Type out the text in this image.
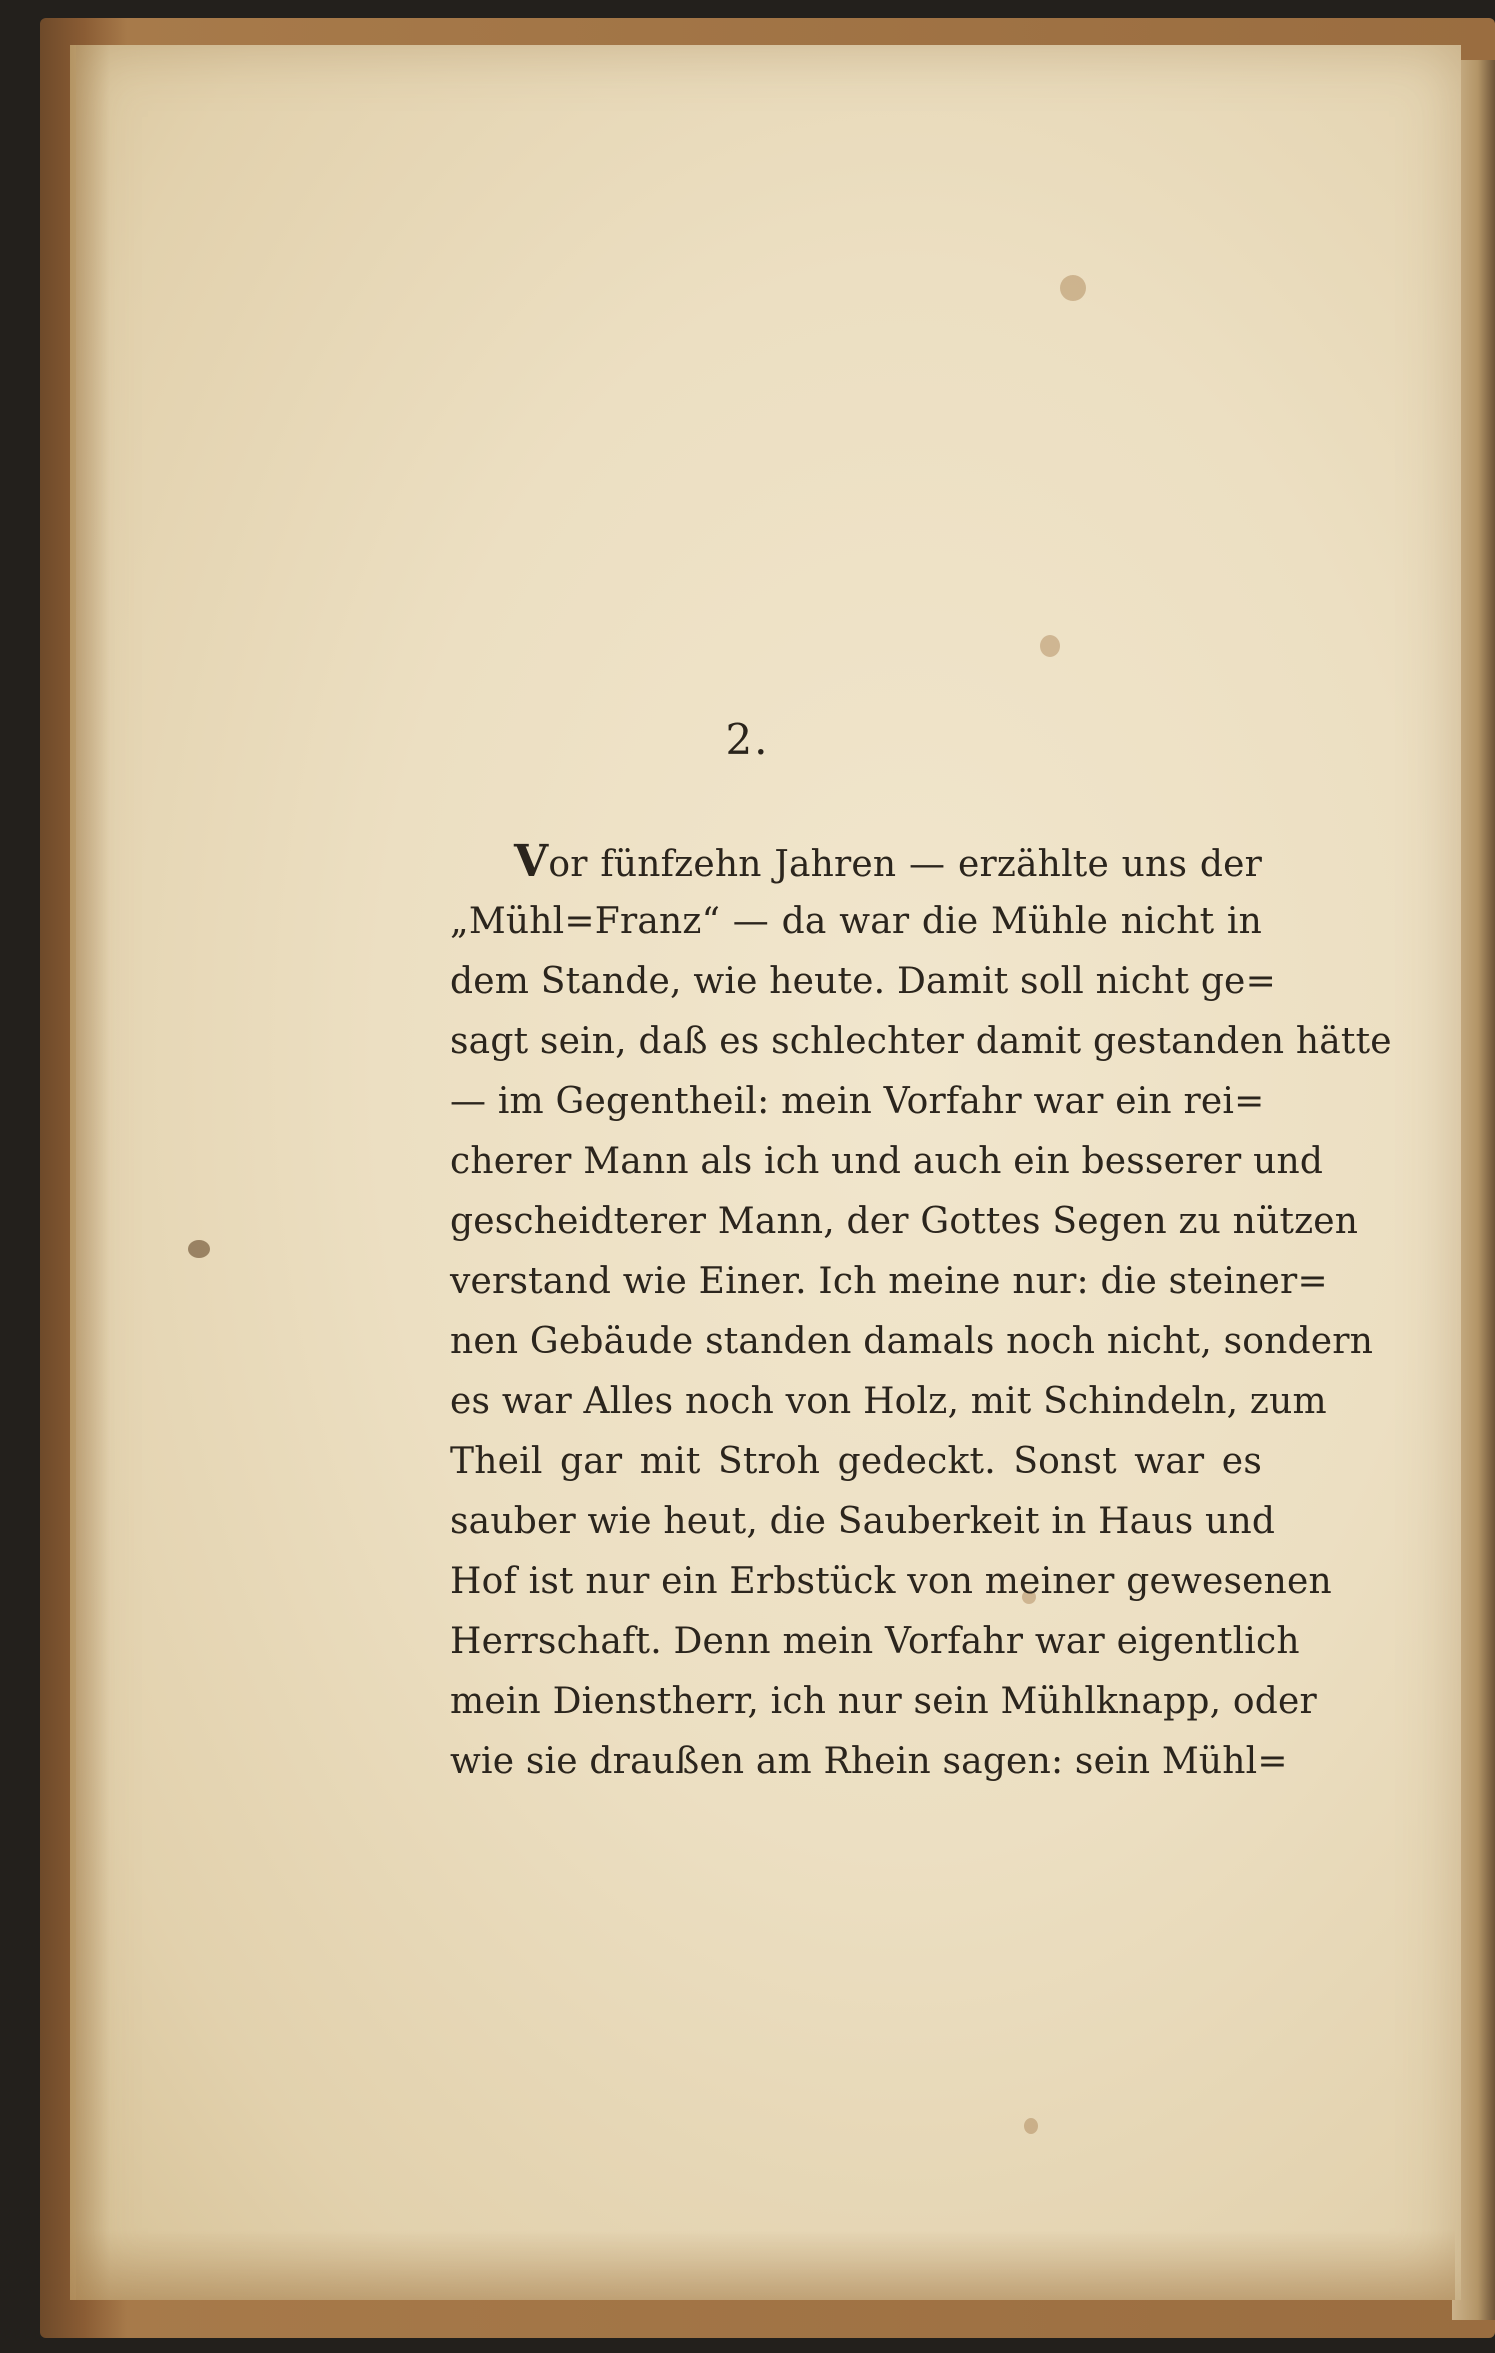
2.
Vor fünfzehn Jahren — erzählte uns der
„Mühl=Franz“ — da war die Mühle nicht in
dem Stande, wie heute. Damit soll nicht ge=
sagt sein, daß es schlechter damit gestanden hätte
— im Gegentheil: mein Vorfahr war ein rei=
cherer Mann als ich und auch ein besserer und
gescheidterer Mann, der Gottes Segen zu nützen
verstand wie Einer. Ich meine nur: die steiner=
nen Gebäude standen damals noch nicht, sondern
es war Alles noch von Holz, mit Schindeln, zum
Theil gar mit Stroh gedeckt. Sonst war es
sauber wie heut, die Sauberkeit in Haus und
Hof ist nur ein Erbstück von meiner gewesenen
Herrschaft. Denn mein Vorfahr war eigentlich
mein Dienstherr, ich nur sein Mühlknapp, oder
wie sie draußen am Rhein sagen: sein Mühl=
